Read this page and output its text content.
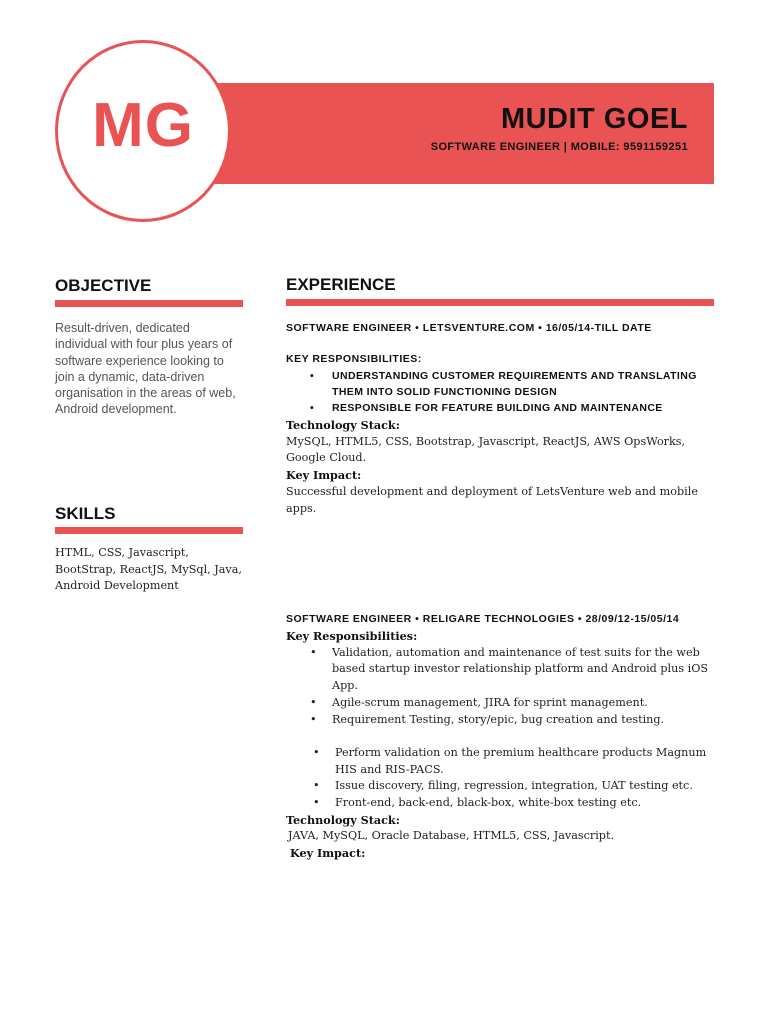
MG	MUDIT GOEL
SOFTWARE ENGINEER | MOBILE: 9591159251
OBJECTIVE
Result-driven, dedicated individual with four plus years of software experience looking to join a dynamic, data-driven organisation in the areas of web, Android development.
SKILLS
HTML, CSS, Javascript, BootStrap, ReactJS, MySql, Java, Android Development
EXPERIENCE
SOFTWARE ENGINEER • LETSVENTURE.COM • 16/05/14-TILL DATE
KEY RESPONSIBILITIES:
• UNDERSTANDING CUSTOMER REQUIREMENTS AND TRANSLATING THEM INTO SOLID FUNCTIONING DESIGN
• RESPONSIBLE FOR FEATURE BUILDING AND MAINTENANCE
Technology Stack:
MySQL, HTML5, CSS, Bootstrap, Javascript, ReactJS, AWS OpsWorks, Google Cloud.
Key Impact:
Successful development and deployment of LetsVenture web and mobile apps.
SOFTWARE ENGINEER • RELIGARE TECHNOLOGIES • 28/09/12-15/05/14
Key Responsibilities:
• Validation, automation and maintenance of test suits for the web based startup investor relationship platform and Android plus iOS App.
• Agile-scrum management, JIRA for sprint management.
• Requirement Testing, story/epic, bug creation and testing.
• Perform validation on the premium healthcare products Magnum HIS and RIS-PACS.
• Issue discovery, filing, regression, integration, UAT testing etc.
• Front-end, back-end, black-box, white-box testing etc.
Technology Stack:
JAVA, MySQL, Oracle Database, HTML5, CSS, Javascript.
Key Impact:
